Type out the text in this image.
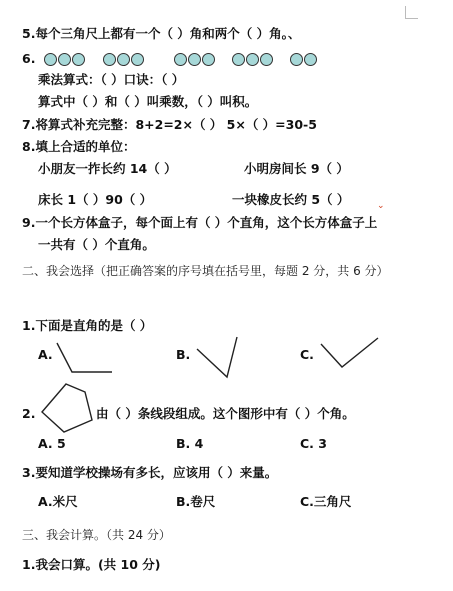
5.每个三角尺上都有一个（ ）角和两个（ ）角。、
6.
乘法算式：（ ）口诀：（ ）
算式中（ ）和（ ）叫乘数，（ ）叫积。
7.将算式补充完整：8+2=2×（ ） 5×（ ）=30-5
8.填上合适的单位：
小朋友一拃长约 14（ ）	小明房间长 9（ ）
床长 1（ ）90（ ）	一块橡皮长约 5（ ）	⌄
9.一个长方体盒子，每个面上有（ ）个直角，这个长方体盒子上
一共有（ ）个直角。
二、我会选择（把正确答案的序号填在括号里，每题 2 分，共 6 分）
1.下面是直角的是（ ）
A.	B.	C.
2.	由（ ）条线段组成。这个图形中有（ ）个角。
A. 5	B. 4	C. 3
3.要知道学校操场有多长，应该用（ ）来量。
A.米尺	B.卷尺	C.三角尺
三、我会计算。（共 24 分）
1.我会口算。(共 10 分)
